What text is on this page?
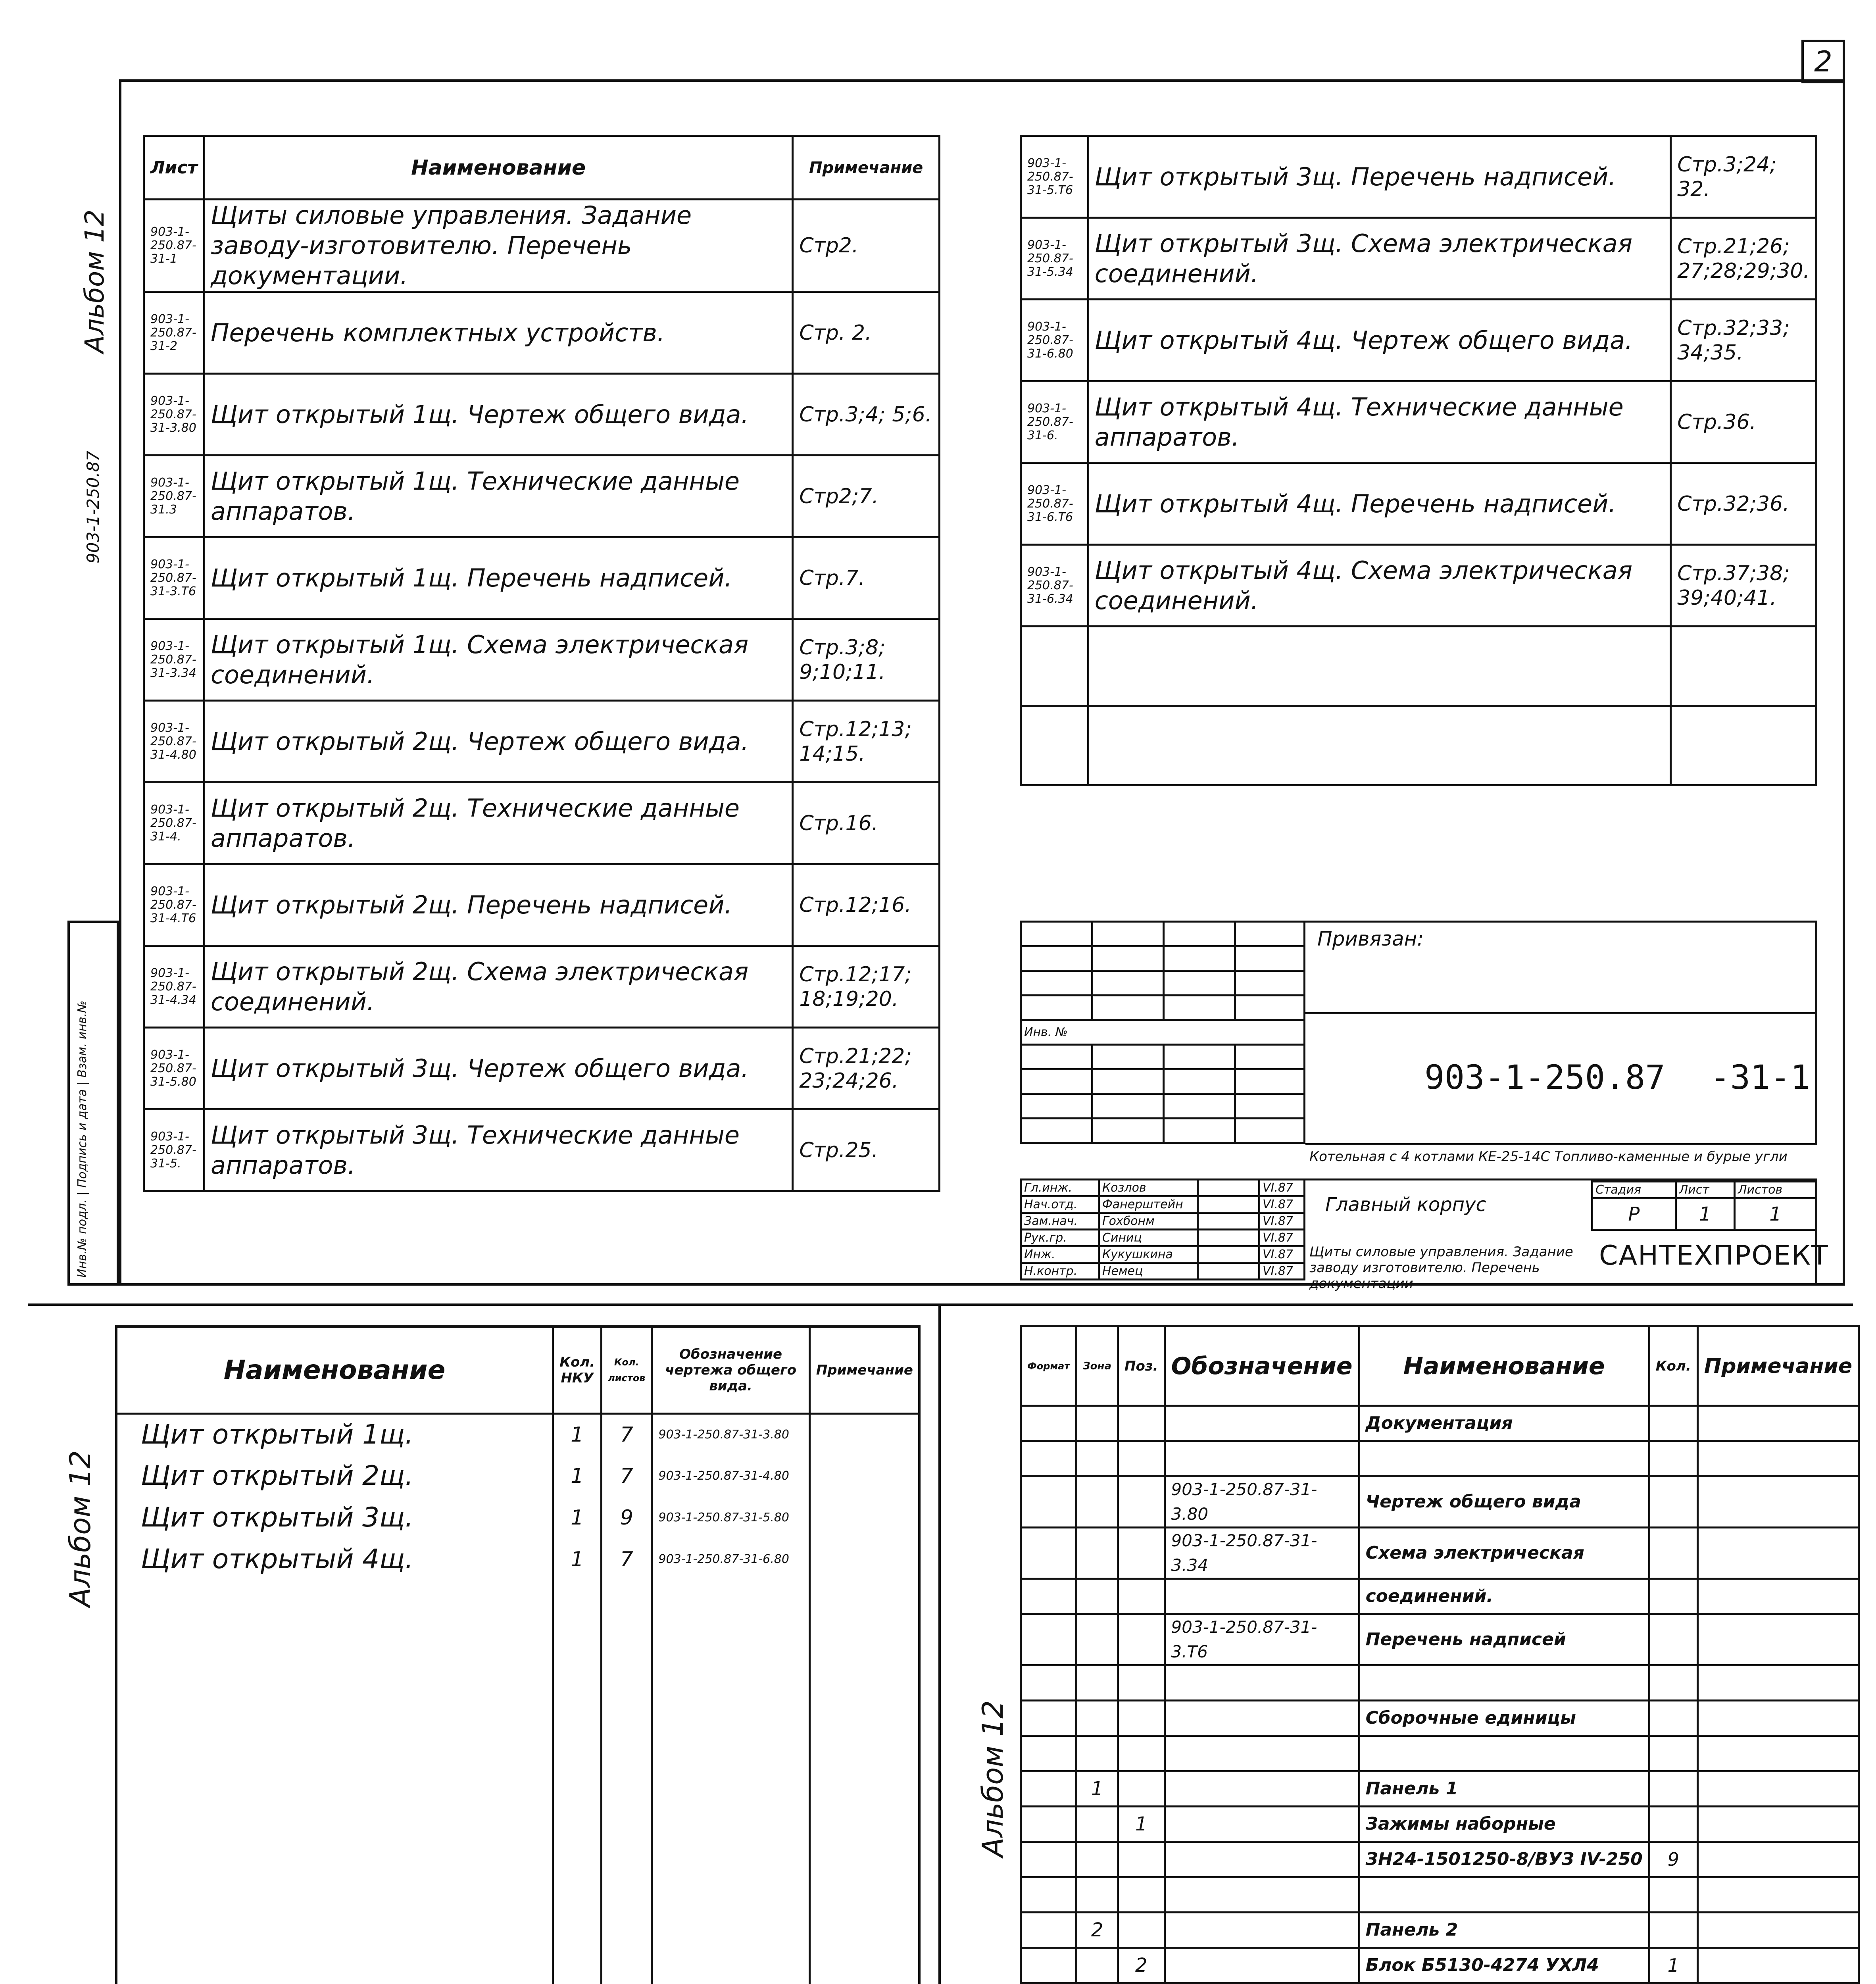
2
Альбом 12
903-1-250.87
Инв.№ подл. | Подпись и дата | Взам. инв.№
Лист	Наименование	Примечание
903-1-250.87-31-1	Щиты силовые управления. Задание заводу-изготовителю. Перечень документации.	Стр2.
903-1-250.87-31-2	Перечень комплектных устройств.	Стр. 2.
903-1-250.87-31-3.80	Щит открытый 1щ. Чертеж общего вида.	Стр.3;4; 5;6.
903-1-250.87-31.3	Щит открытый 1щ. Технические данные аппаратов.	Стр2;7.
903-1-250.87-31-3.Т6	Щит открытый 1щ. Перечень надписей.	Стр.7.
903-1-250.87-31-3.34	Щит открытый 1щ. Схема электрическая соединений.	Стр.3;8; 9;10;11.
903-1-250.87-31-4.80	Щит открытый 2щ. Чертеж общего вида.	Стр.12;13; 14;15.
903-1-250.87-31-4.	Щит открытый 2щ. Технические данные аппаратов.	Стр.16.
903-1-250.87-31-4.Т6	Щит открытый 2щ. Перечень надписей.	Стр.12;16.
903-1-250.87-31-4.34	Щит открытый 2щ. Схема электрическая соединений.	Стр.12;17; 18;19;20.
903-1-250.87-31-5.80	Щит открытый 3щ. Чертеж общего вида.	Стр.21;22; 23;24;26.
903-1-250.87-31-5.	Щит открытый 3щ. Технические данные аппаратов.	Стр.25.
903-1-250.87-31-5.Т6	Щит открытый 3щ. Перечень надписей.	Стр.3;24; 32.
903-1-250.87-31-5.34	Щит открытый 3щ. Схема электрическая соединений.	Стр.21;26; 27;28;29;30.
903-1-250.87-31-6.80	Щит открытый 4щ. Чертеж общего вида.	Стр.32;33; 34;35.
903-1-250.87-31-6.	Щит открытый 4щ. Технические данные аппаратов.	Стр.36.
903-1-250.87-31-6.Т6	Щит открытый 4щ. Перечень надписей.	Стр.32;36.
903-1-250.87-31-6.34	Щит открытый 4щ. Схема электрическая соединений.	Стр.37;38; 39;40;41.

Инв. №			

Привязан:
903-1-250.87 -31-1
Котельная с 4 котлами КЕ-25-14С Топливо-каменные и бурые угли
Гл.инж.	Козлов		VI.87
Нач.отд.	Фанерштейн		VI.87
Зам.нач.	Гохбонм		VI.87
Рук.гр.	Синиц		VI.87
Инж.	Кукушкина		VI.87
Н.контр.	Немец		VI.87
Главный корпус
Щиты силовые управления. Задание заводу изготовителю. Перечень документации
Стадия	Лист	Листов
Р	1	1
САНТЕХПРОЕКТ
Альбом 12
Наименование	Кол. НКУ	Кол. листов	Обозначение чертежа общего вида.	Примечание
Щит открытый 1щ.	1	7	903-1-250.87-31-3.80	
Щит открытый 2щ.	1	7	903-1-250.87-31-4.80	
Щит открытый 3щ.	1	9	903-1-250.87-31-5.80	
Щит открытый 4щ.	1	7	903-1-250.87-31-6.80	

Альбом 12
Формат	Зона	Поз.	Обозначение	Наименование	Кол.	Примечание
				Документация		

			903-1-250.87-31-3.80	Чертеж общего вида		
			903-1-250.87-31-3.34	Схема электрическая		
				соединений.		
			903-1-250.87-31-3.Т6	Перечень надписей		

				Сборочные единицы		

	1			Панель 1		
		1		Зажимы наборные		
				ЗН24-1501250-8/ВУЗ IV-250	9	

	2			Панель 2		
		2		Блок Б5130-4274 УХЛ4	1	
